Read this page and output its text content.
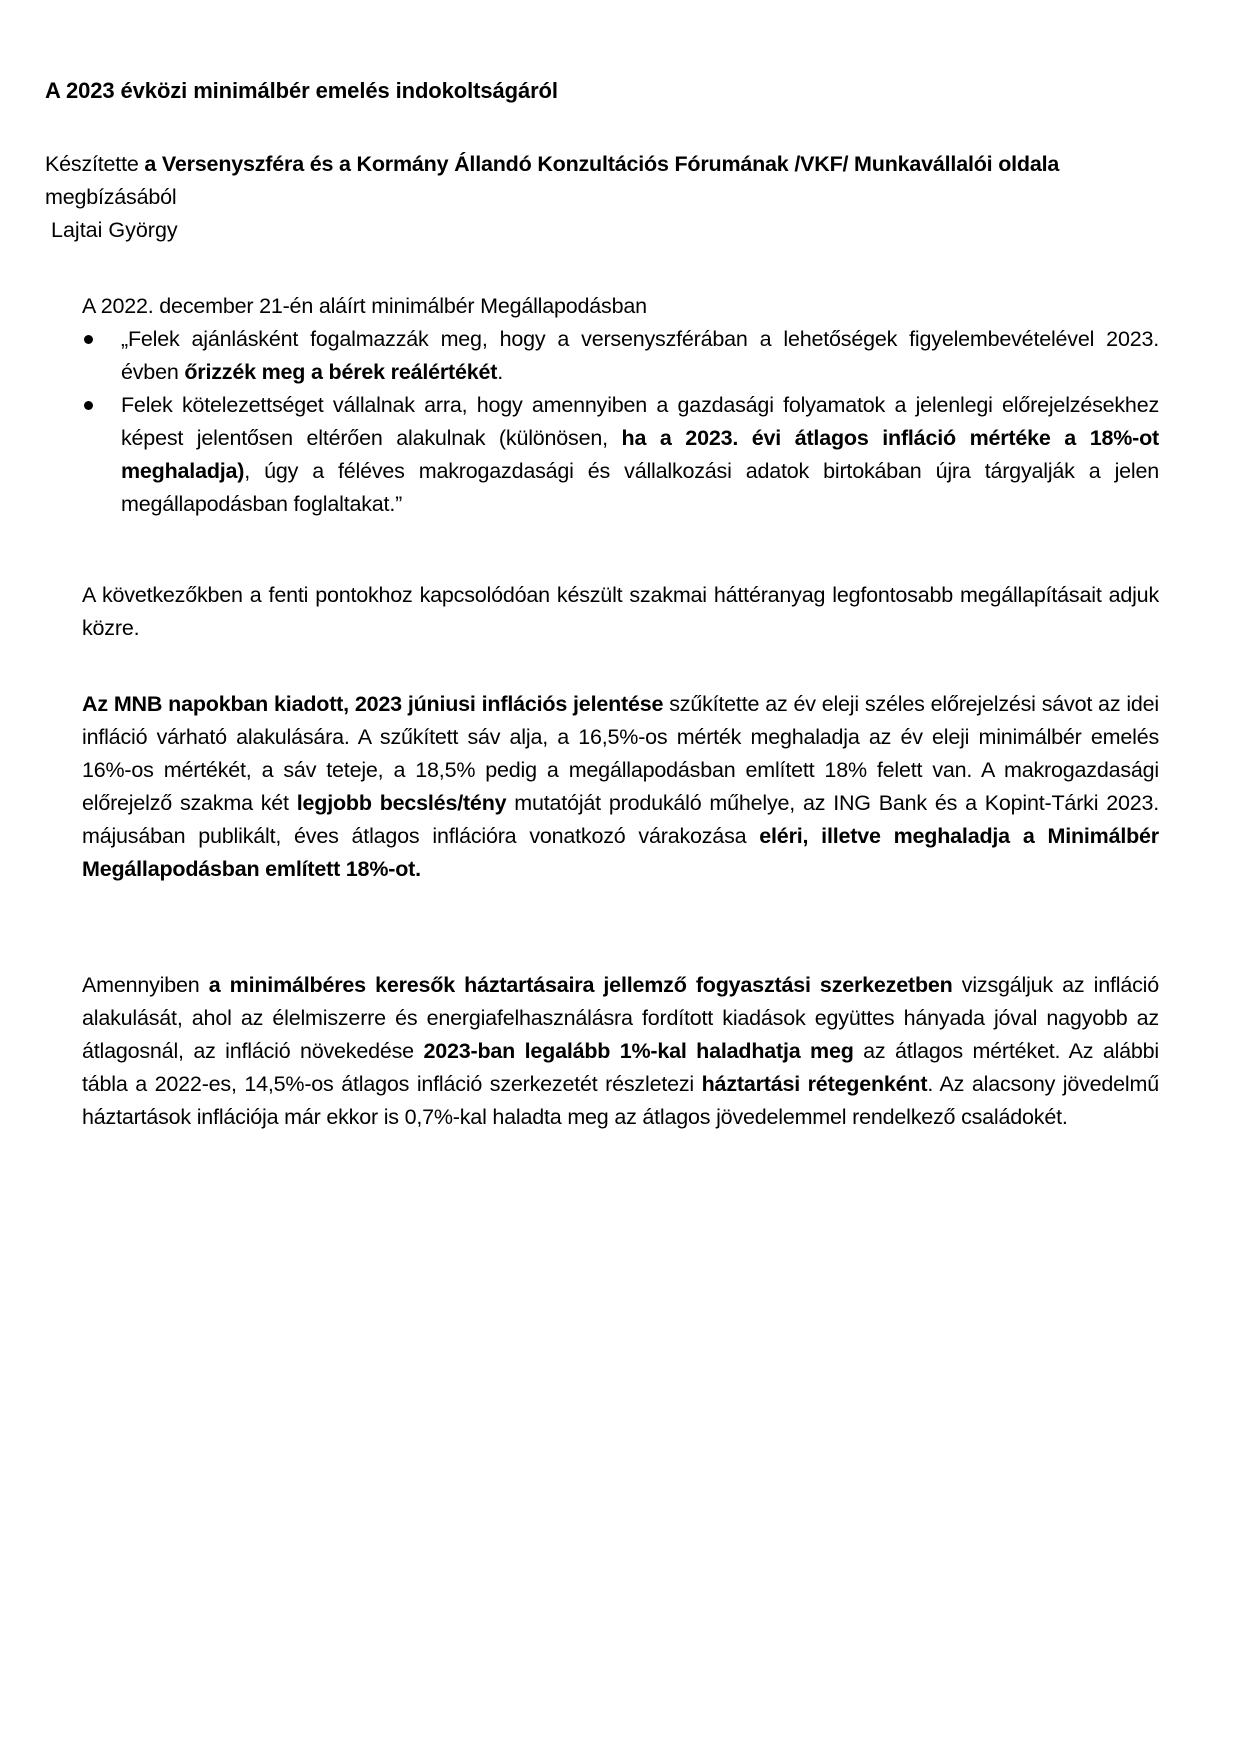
A 2023 évközi minimálbér emelés indokoltságáról

Készítette a Versenyszféra és a Kormány Állandó Konzultációs Fórumának /VKF/ Munkavállalói oldala megbízásából

Lajtai György

A 2022. december 21-én aláírt minimálbér Megállapodásban

„Felek ajánlásként fogalmazzák meg, hogy a versenyszférában a lehetőségek figyelembevételével 2023. évben őrizzék meg a bérek reálértékét.
Felek kötelezettséget vállalnak arra, hogy amennyiben a gazdasági folyamatok a jelenlegi előrejelzésekhez képest jelentősen eltérően alakulnak (különösen, ha a 2023. évi átlagos infláció mértéke a 18%-ot meghaladja), úgy a féléves makrogazdasági és vállalkozási adatok birtokában újra tárgyalják a jelen megállapodásban foglaltakat.”

A következőkben a fenti pontokhoz kapcsolódóan készült szakmai háttéranyag legfontosabb megállapításait adjuk közre.

Az MNB napokban kiadott, 2023 júniusi inflációs jelentése szűkítette az év eleji széles előrejelzési sávot az idei infláció várható alakulására. A szűkített sáv alja, a 16,5%-os mérték meghaladja az év eleji minimálbér emelés 16%-os mértékét, a sáv teteje, a 18,5% pedig a megállapodásban említett 18% felett van. A makrogazdasági előrejelző szakma két legjobb becslés/tény mutatóját produkáló műhelye, az ING Bank és a Kopint-Tárki 2023. májusában publikált, éves átlagos inflációra vonatkozó várakozása eléri, illetve meghaladja a Minimálbér Megállapodásban említett 18%-ot.

Amennyiben a minimálbéres keresők háztartásaira jellemző fogyasztási szerkezetben vizsgáljuk az infláció alakulását, ahol az élelmiszerre és energiafelhasználásra fordított kiadások együttes hányada jóval nagyobb az átlagosnál, az infláció növekedése 2023-ban legalább 1%-kal haladhatja meg az átlagos mértéket. Az alábbi tábla a 2022-es, 14,5%-os átlagos infláció szerkezetét részletezi háztartási rétegenként. Az alacsony jövedelmű háztartások inflációja már ekkor is 0,7%-kal haladta meg az átlagos jövedelemmel rendelkező családokét.
